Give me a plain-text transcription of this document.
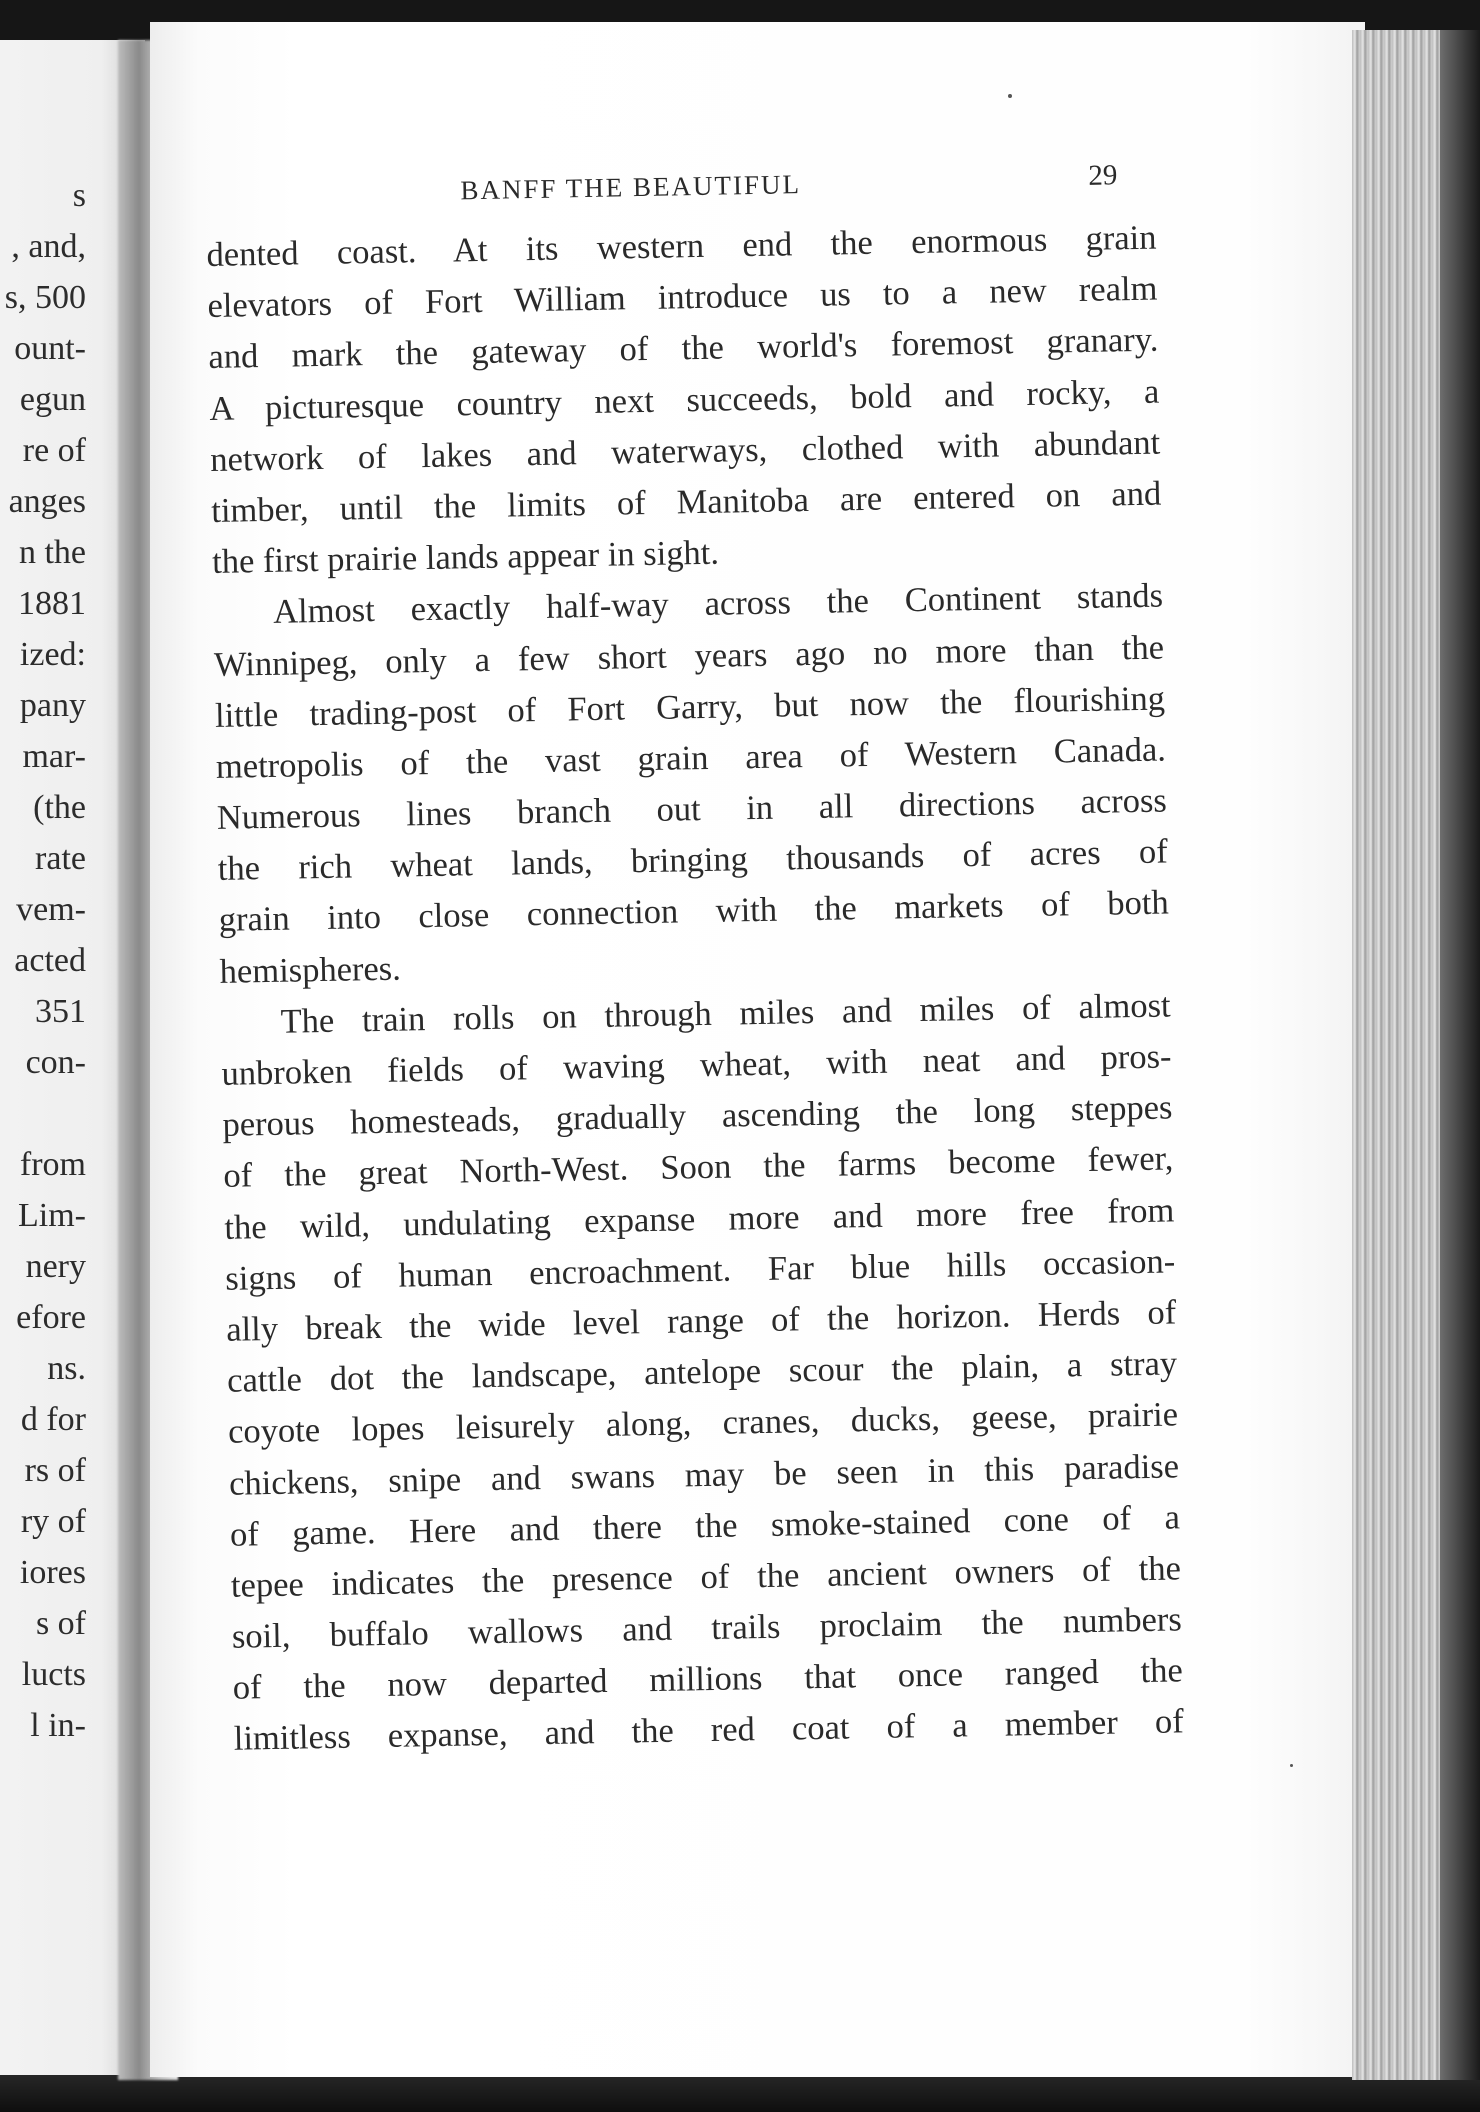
s
, and,
s, 500
ount-
egun
re of
anges
n the
1881
ized:
pany
mar-
(the
rate
vem-
acted
351
con-
from
Lim-
nery
efore
ns.
d for
rs of
ry of
iores
s of
lucts
l in-
BANFF THE BEAUTIFUL	29
dented coast. At its western end the enormous grain
elevators of Fort William introduce us to a new realm
and mark the gateway of the world's foremost granary.
A picturesque country next succeeds, bold and rocky, a
network of lakes and waterways, clothed with abundant
timber, until the limits of Manitoba are entered on and
the first prairie lands appear in sight.
Almost exactly half-way across the Continent stands
Winnipeg, only a few short years ago no more than the
little trading-post of Fort Garry, but now the flourishing
metropolis of the vast grain area of Western Canada.
Numerous lines branch out in all directions across
the rich wheat lands, bringing thousands of acres of
grain into close connection with the markets of both
hemispheres.
The train rolls on through miles and miles of almost
unbroken fields of waving wheat, with neat and pros-
perous homesteads, gradually ascending the long steppes
of the great North-West. Soon the farms become fewer,
the wild, undulating expanse more and more free from
signs of human encroachment. Far blue hills occasion-
ally break the wide level range of the horizon. Herds of
cattle dot the landscape, antelope scour the plain, a stray
coyote lopes leisurely along, cranes, ducks, geese, prairie
chickens, snipe and swans may be seen in this paradise
of game. Here and there the smoke-stained cone of a
tepee indicates the presence of the ancient owners of the
soil, buffalo wallows and trails proclaim the numbers
of the now departed millions that once ranged the
limitless expanse, and the red coat of a member of
